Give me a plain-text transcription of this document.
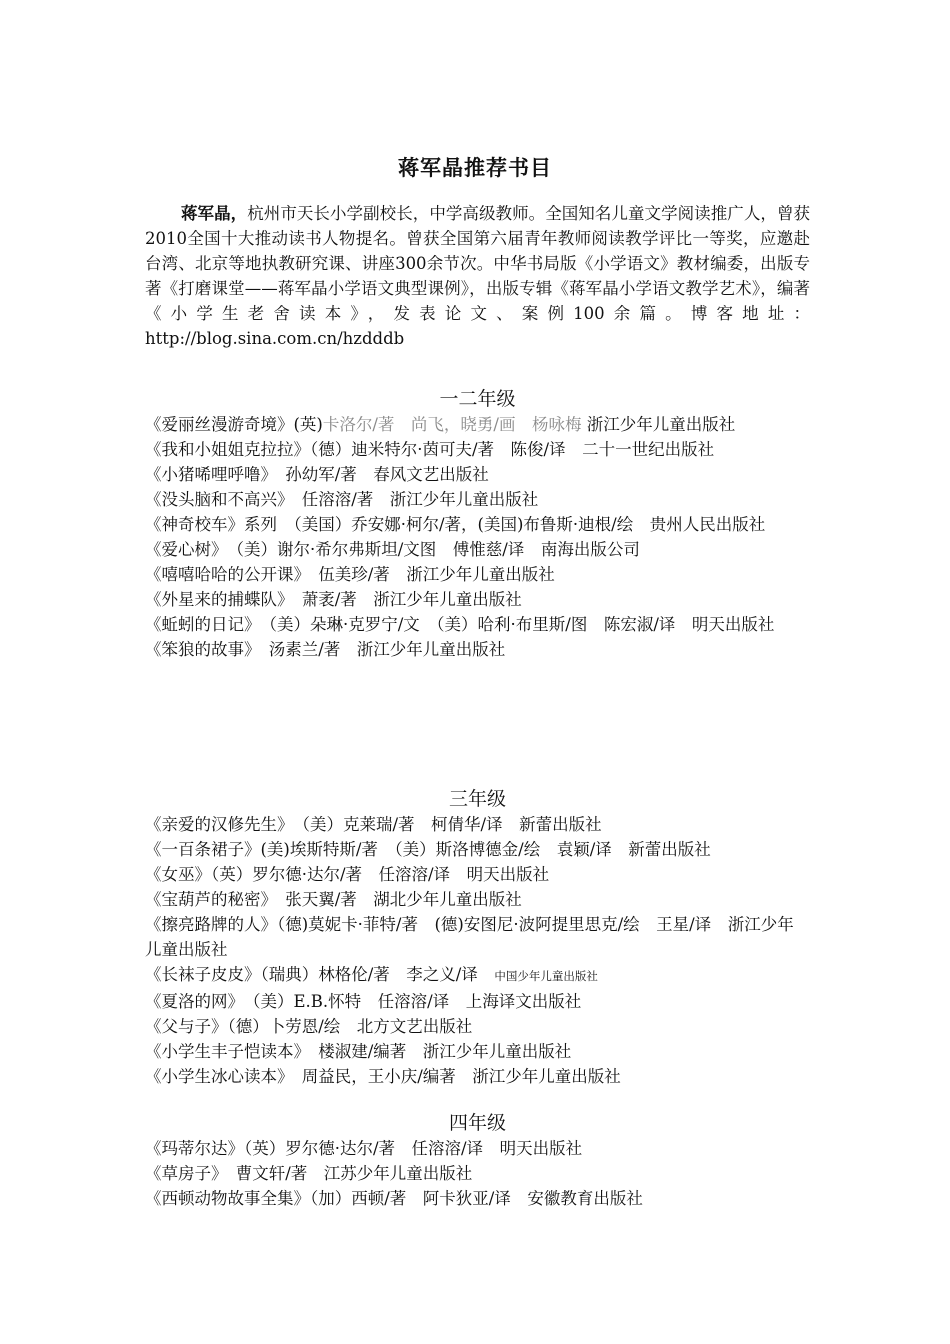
蒋军晶推荐书目

蒋军晶，杭州市天长小学副校长，中学高级教师。全国知名儿童文学阅读推广人，曾获2010全国十大推动读书人物提名。曾获全国第六届青年教师阅读教学评比一等奖，应邀赴台湾、北京等地执教研究课、讲座300余节次。中华书局版《小学语文》教材编委，出版专著《打磨课堂——蒋军晶小学语文典型课例》，出版专辑《蒋军晶小学语文教学艺术》，编著《小学生老舍读本》，发表论文、案例100余篇。博客地址：http://blog.sina.com.cn/hzdddb

一二年级

《爱丽丝漫游奇境》(英)卡洛尔/著　尚飞，晓勇/画　杨咏梅 浙江少年儿童出版社

《我和小姐姐克拉拉》（德）迪米特尔·茵可夫/著　陈俊/译　二十一世纪出版社

《小猪唏哩呼噜》　孙幼军/著　春风文艺出版社

《没头脑和不高兴》　任溶溶/著　浙江少年儿童出版社

《神奇校车》系列　（美国）乔安娜·柯尔/著，(美国)布鲁斯·迪根/绘　贵州人民出版社

《爱心树》　（美）谢尔·希尔弗斯坦/文图　傅惟慈/译　南海出版公司

《嘻嘻哈哈的公开课》　伍美珍/著　浙江少年儿童出版社

《外星来的捕蝶队》　萧袤/著　浙江少年儿童出版社

《蚯蚓的日记》　（美）朵琳·克罗宁/文　（美）哈利·布里斯/图　陈宏淑/译　明天出版社

《笨狼的故事》　汤素兰/著　浙江少年儿童出版社

三年级

《亲爱的汉修先生》　（美）克莱瑞/著　柯倩华/译　新蕾出版社

《一百条裙子》(美)埃斯特斯/著　（美）斯洛博德金/绘　袁颖/译　新蕾出版社

《女巫》（英）罗尔德·达尔/著　任溶溶/译　明天出版社

《宝葫芦的秘密》　张天翼/著　湖北少年儿童出版社

《擦亮路牌的人》（德)莫妮卡·菲特/著　(德)安图尼·波阿提里思克/绘　王星/译　浙江少年儿童出版社

《长袜子皮皮》（瑞典）林格伦/著　李之义/译　中国少年儿童出版社

《夏洛的网》　（美）E.B.怀特　任溶溶/译　上海译文出版社

《父与子》（德）卜劳恩/绘　北方文艺出版社

《小学生丰子恺读本》　楼淑建/编著　浙江少年儿童出版社

《小学生冰心读本》　周益民，王小庆/编著　浙江少年儿童出版社

四年级

《玛蒂尔达》（英）罗尔德·达尔/著　任溶溶/译　明天出版社

《草房子》　曹文轩/著　江苏少年儿童出版社

《西顿动物故事全集》（加）西顿/著　阿卡狄亚/译　安徽教育出版社
